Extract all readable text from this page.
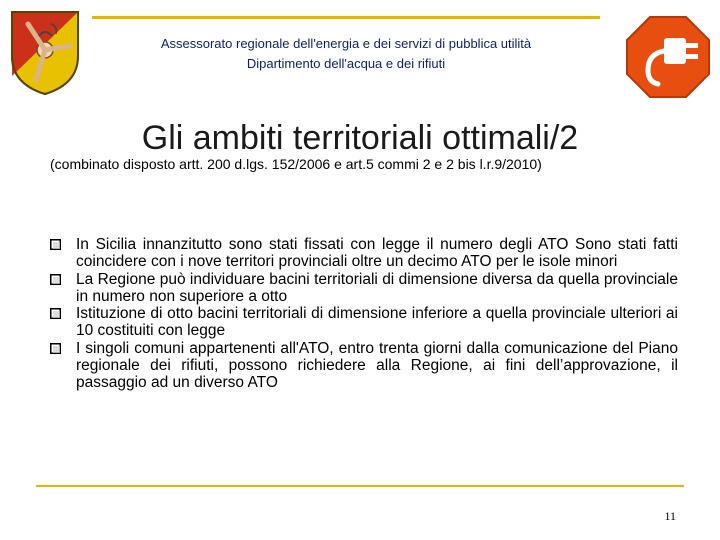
Assessorato regionale dell'energia e dei servizi di pubblica utilità
Dipartimento dell'acqua e dei rifiuti
Gli ambiti territoriali ottimali/2
(combinato disposto artt. 200 d.lgs. 152/2006 e art.5 commi 2 e 2 bis l.r.9/2010)
In Sicilia innanzitutto sono stati fissati con legge il numero degli ATO Sono stati fatti coincidere con i nove territori provinciali oltre un decimo ATO per le isole minori
La Regione può individuare bacini territoriali di dimensione diversa da quella provinciale in numero non superiore a otto
Istituzione di otto bacini territoriali di dimensione inferiore a quella provinciale ulteriori ai 10 costituiti con legge
I singoli comuni appartenenti all'ATO, entro trenta giorni dalla comunicazione del Piano regionale dei rifiuti, possono richiedere alla Regione, ai fini dell’approvazione, il passaggio ad un diverso ATO
11
